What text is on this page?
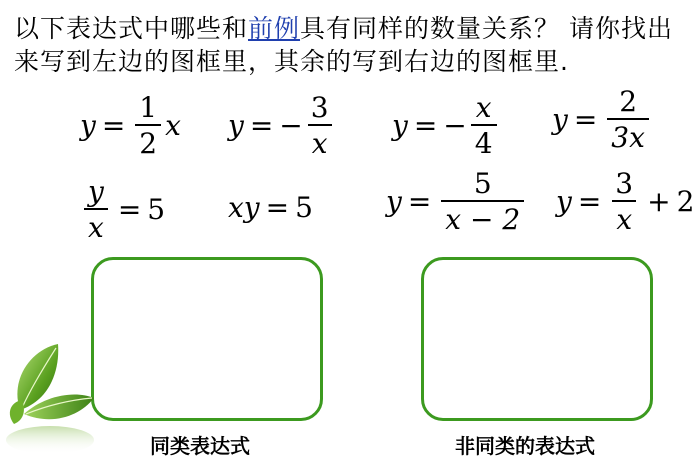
以下表达式中哪些和前例具有同样的数量关系？ 请你找出来写到左边的图框里，其余的写到右边的图框里.
$y = \frac{1}{2}$ x y = − $\frac{3}{x}$ y = − $\frac{x}{4}$ $y = \frac{2}{3x}$
$\frac{y}{x} = 5$ xy = 5	$y = \frac{5}{x - 2}$ $y = \frac{3}{x} + 2$
同类表达式	非同类的表达式
